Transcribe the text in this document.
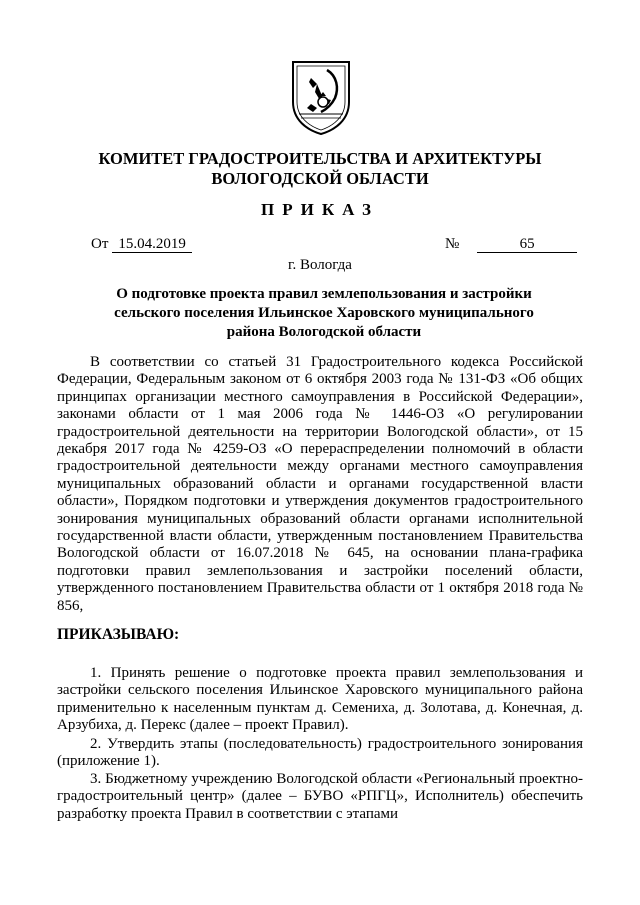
КОМИТЕТ ГРАДОСТРОИТЕЛЬСТВА И АРХИТЕКТУРЫ
ВОЛОГОДСКОЙ ОБЛАСТИ
ПРИКАЗ
От 15.04.2019	№	65
г. Вологда
О подготовке проекта правил землепользования и застройки сельского поселения Ильинское Харовского муниципального района Вологодской области
В соответствии со статьей 31 Градостроительного кодекса Российской Федерации, Федеральным законом от 6 октября 2003 года № 131-ФЗ «Об общих принципах организации местного самоуправления в Российской Федерации», законами области от 1 мая 2006 года № 1446-ОЗ «О регулировании градостроительной деятельности на территории Вологодской области», от 15 декабря 2017 года № 4259-ОЗ «О перераспределении полномочий в области градостроительной деятельности между органами местного самоуправления муниципальных образований области и органами государственной власти области», Порядком подготовки и утверждения документов градостроительного зонирования муниципальных образований области органами исполнительной государственной власти области, утвержденным постановлением Правительства Вологодской области от 16.07.2018 № 645, на основании плана-графика подготовки правил землепользования и застройки поселений области, утвержденного постановлением Правительства области от 1 октября 2018 года № 856,
ПРИКАЗЫВАЮ:
1. Принять решение о подготовке проекта правил землепользования и застройки сельского поселения Ильинское Харовского муниципального района применительно к населенным пунктам д. Семениха, д. Золотава, д. Конечная, д. Арзубиха, д. Перекс (далее – проект Правил).
2. Утвердить этапы (последовательность) градостроительного зонирования (приложение 1).
3. Бюджетному учреждению Вологодской области «Региональный проектно-градостроительный центр» (далее – БУВО «РПГЦ», Исполнитель) обеспечить разработку проекта Правил в соответствии с этапами
